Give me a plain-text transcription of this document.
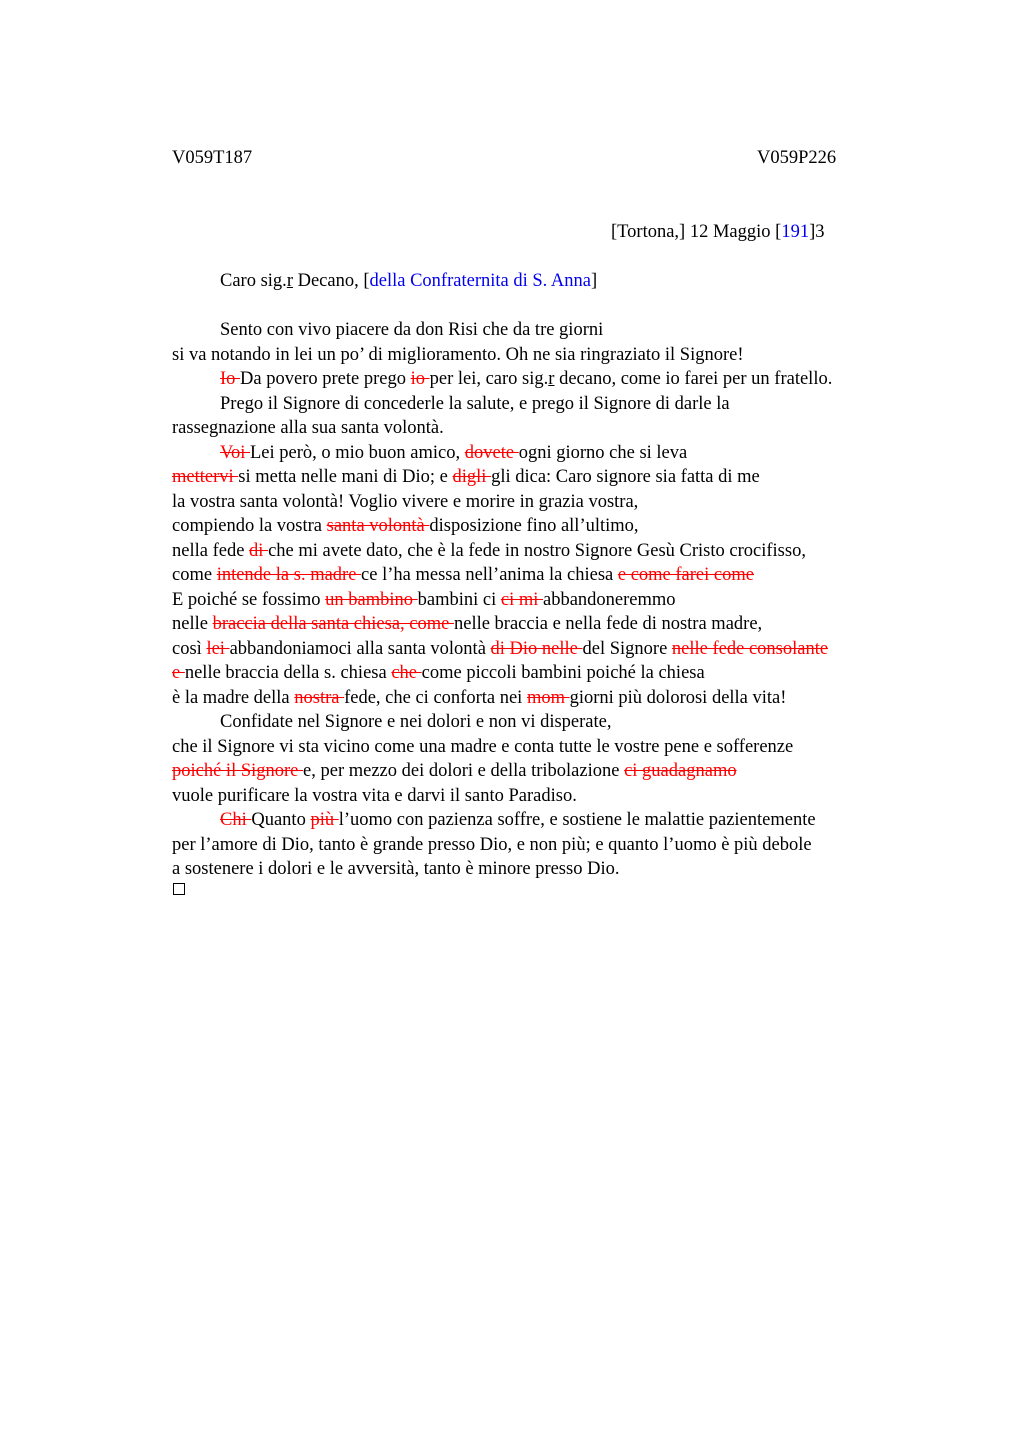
V059T187	V059P226
[Tortona,] 12 Maggio [191]3
Caro sig.r Decano, [della Confraternita di S. Anna]
Sento con vivo piacere da don Risi che da tre giorni
si va notando in lei un po’ di miglioramento. Oh ne sia ringraziato il Signore!
Io Da povero prete prego io per lei, caro sig.r decano, come io farei per un fratello.
Prego il Signore di concederle la salute, e prego il Signore di darle la
rassegnazione alla sua santa volontà.
Voi Lei però, o mio buon amico, dovete ogni giorno che si leva
mettervi si metta nelle mani di Dio; e digli gli dica: Caro signore sia fatta di me
la vostra santa volontà! Voglio vivere e morire in grazia vostra,
compiendo la vostra santa volontà disposizione fino all’ultimo,
nella fede di che mi avete dato, che è la fede in nostro Signore Gesù Cristo crocifisso,
come intende la s. madre ce l’ha messa nell’anima la chiesa e come farei come
E poiché se fossimo un bambino bambini ci ci mi abbandoneremmo
nelle braccia della santa chiesa, come nelle braccia e nella fede di nostra madre,
così lei abbandoniamoci alla santa volontà di Dio nelle del Signore nelle fede consolante
e nelle braccia della s. chiesa che come piccoli bambini poiché la chiesa
è la madre della nostra fede, che ci conforta nei mom giorni più dolorosi della vita!
Confidate nel Signore e nei dolori e non vi disperate,
che il Signore vi sta vicino come una madre e conta tutte le vostre pene e sofferenze
poiché il Signore e, per mezzo dei dolori e della tribolazione ci guadagnamo
vuole purificare la vostra vita e darvi il santo Paradiso.
Chi Quanto più l’uomo con pazienza soffre, e sostiene le malattie pazientemente
per l’amore di Dio, tanto è grande presso Dio, e non più; e quanto l’uomo è più debole
a sostenere i dolori e le avversità, tanto è minore presso Dio.
